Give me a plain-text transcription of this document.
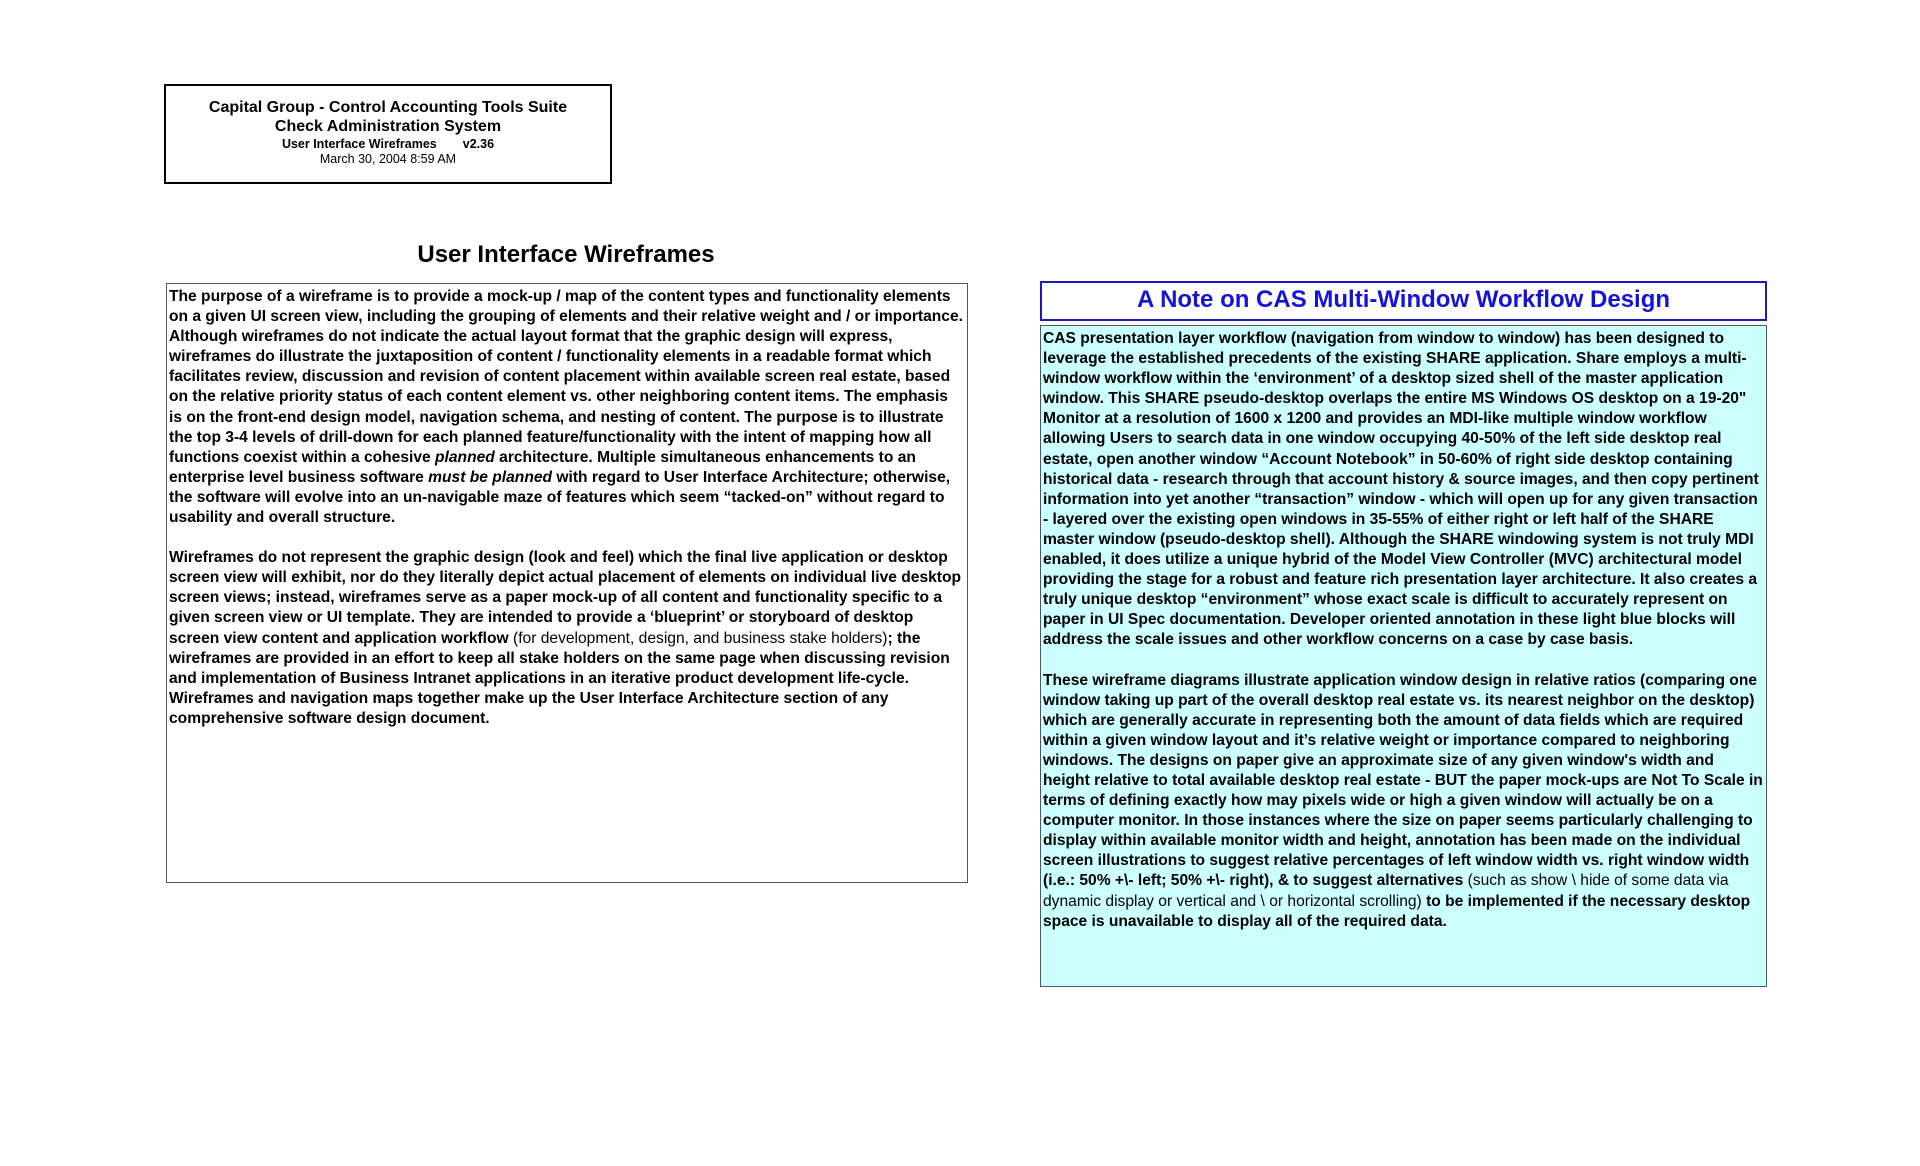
Capital Group - Control Accounting Tools Suite
Check Administration System
User Interface Wireframes v2.36
March 30, 2004 8:59 AM
User Interface Wireframes

The purpose of a wireframe is to provide a mock-up / map of the content types and functionality elements on a given UI screen view, including the grouping of elements and their relative weight and / or importance. Although wireframes do not indicate the actual layout format that the graphic design will express, wireframes do illustrate the juxtaposition of content / functionality elements in a readable format which facilitates review, discussion and revision of content placement within available screen real estate, based on the relative priority status of each content element vs. other neighboring content items. The emphasis is on the front-end design model, navigation schema, and nesting of content. The purpose is to illustrate the top 3-4 levels of drill-down for each planned feature/functionality with the intent of mapping how all functions coexist within a cohesive planned architecture. Multiple simultaneous enhancements to an enterprise level business software must be planned with regard to User Interface Architecture; otherwise, the software will evolve into an un-navigable maze of features which seem “tacked-on” without regard to usability and overall structure.

Wireframes do not represent the graphic design (look and feel) which the final live application or desktop screen view will exhibit, nor do they literally depict actual placement of elements on individual live desktop screen views; instead, wireframes serve as a paper mock-up of all content and functionality specific to a given screen view or UI template. They are intended to provide a ‘blueprint’ or storyboard of desktop screen view content and application workflow (for development, design, and business stake holders); the wireframes are provided in an effort to keep all stake holders on the same page when discussing revision and implementation of Business Intranet applications in an iterative product development life-cycle. Wireframes and navigation maps together make up the User Interface Architecture section of any comprehensive software design document.

A Note on CAS Multi-Window Workflow Design

CAS presentation layer workflow (navigation from window to window) has been designed to leverage the established precedents of the existing SHARE application. Share employs a multi-window workflow within the ‘environment’ of a desktop sized shell of the master application window. This SHARE pseudo-desktop overlaps the entire MS Windows OS desktop on a 19-20" Monitor at a resolution of 1600 x 1200 and provides an MDI-like multiple window workflow allowing Users to search data in one window occupying 40-50% of the left side desktop real estate, open another window “Account Notebook” in 50-60% of right side desktop containing historical data - research through that account history & source images, and then copy pertinent information into yet another “transaction” window - which will open up for any given transaction - layered over the existing open windows in 35-55% of either right or left half of the SHARE master window (pseudo-desktop shell). Although the SHARE windowing system is not truly MDI enabled, it does utilize a unique hybrid of the Model View Controller (MVC) architectural model providing the stage for a robust and feature rich presentation layer architecture. It also creates a truly unique desktop “environment” whose exact scale is difficult to accurately represent on paper in UI Spec documentation. Developer oriented annotation in these light blue blocks will address the scale issues and other workflow concerns on a case by case basis.

These wireframe diagrams illustrate application window design in relative ratios (comparing one window taking up part of the overall desktop real estate vs. its nearest neighbor on the desktop) which are generally accurate in representing both the amount of data fields which are required within a given window layout and it’s relative weight or importance compared to neighboring windows. The designs on paper give an approximate size of any given window's width and height relative to total available desktop real estate - BUT the paper mock-ups are Not To Scale in terms of defining exactly how may pixels wide or high a given window will actually be on a computer monitor. In those instances where the size on paper seems particularly challenging to display within available monitor width and height, annotation has been made on the individual screen illustrations to suggest relative percentages of left window width vs. right window width (i.e.: 50% +\- left; 50% +\- right), & to suggest alternatives (such as show \ hide of some data via dynamic display or vertical and \ or horizontal scrolling) to be implemented if the necessary desktop space is unavailable to display all of the required data.
